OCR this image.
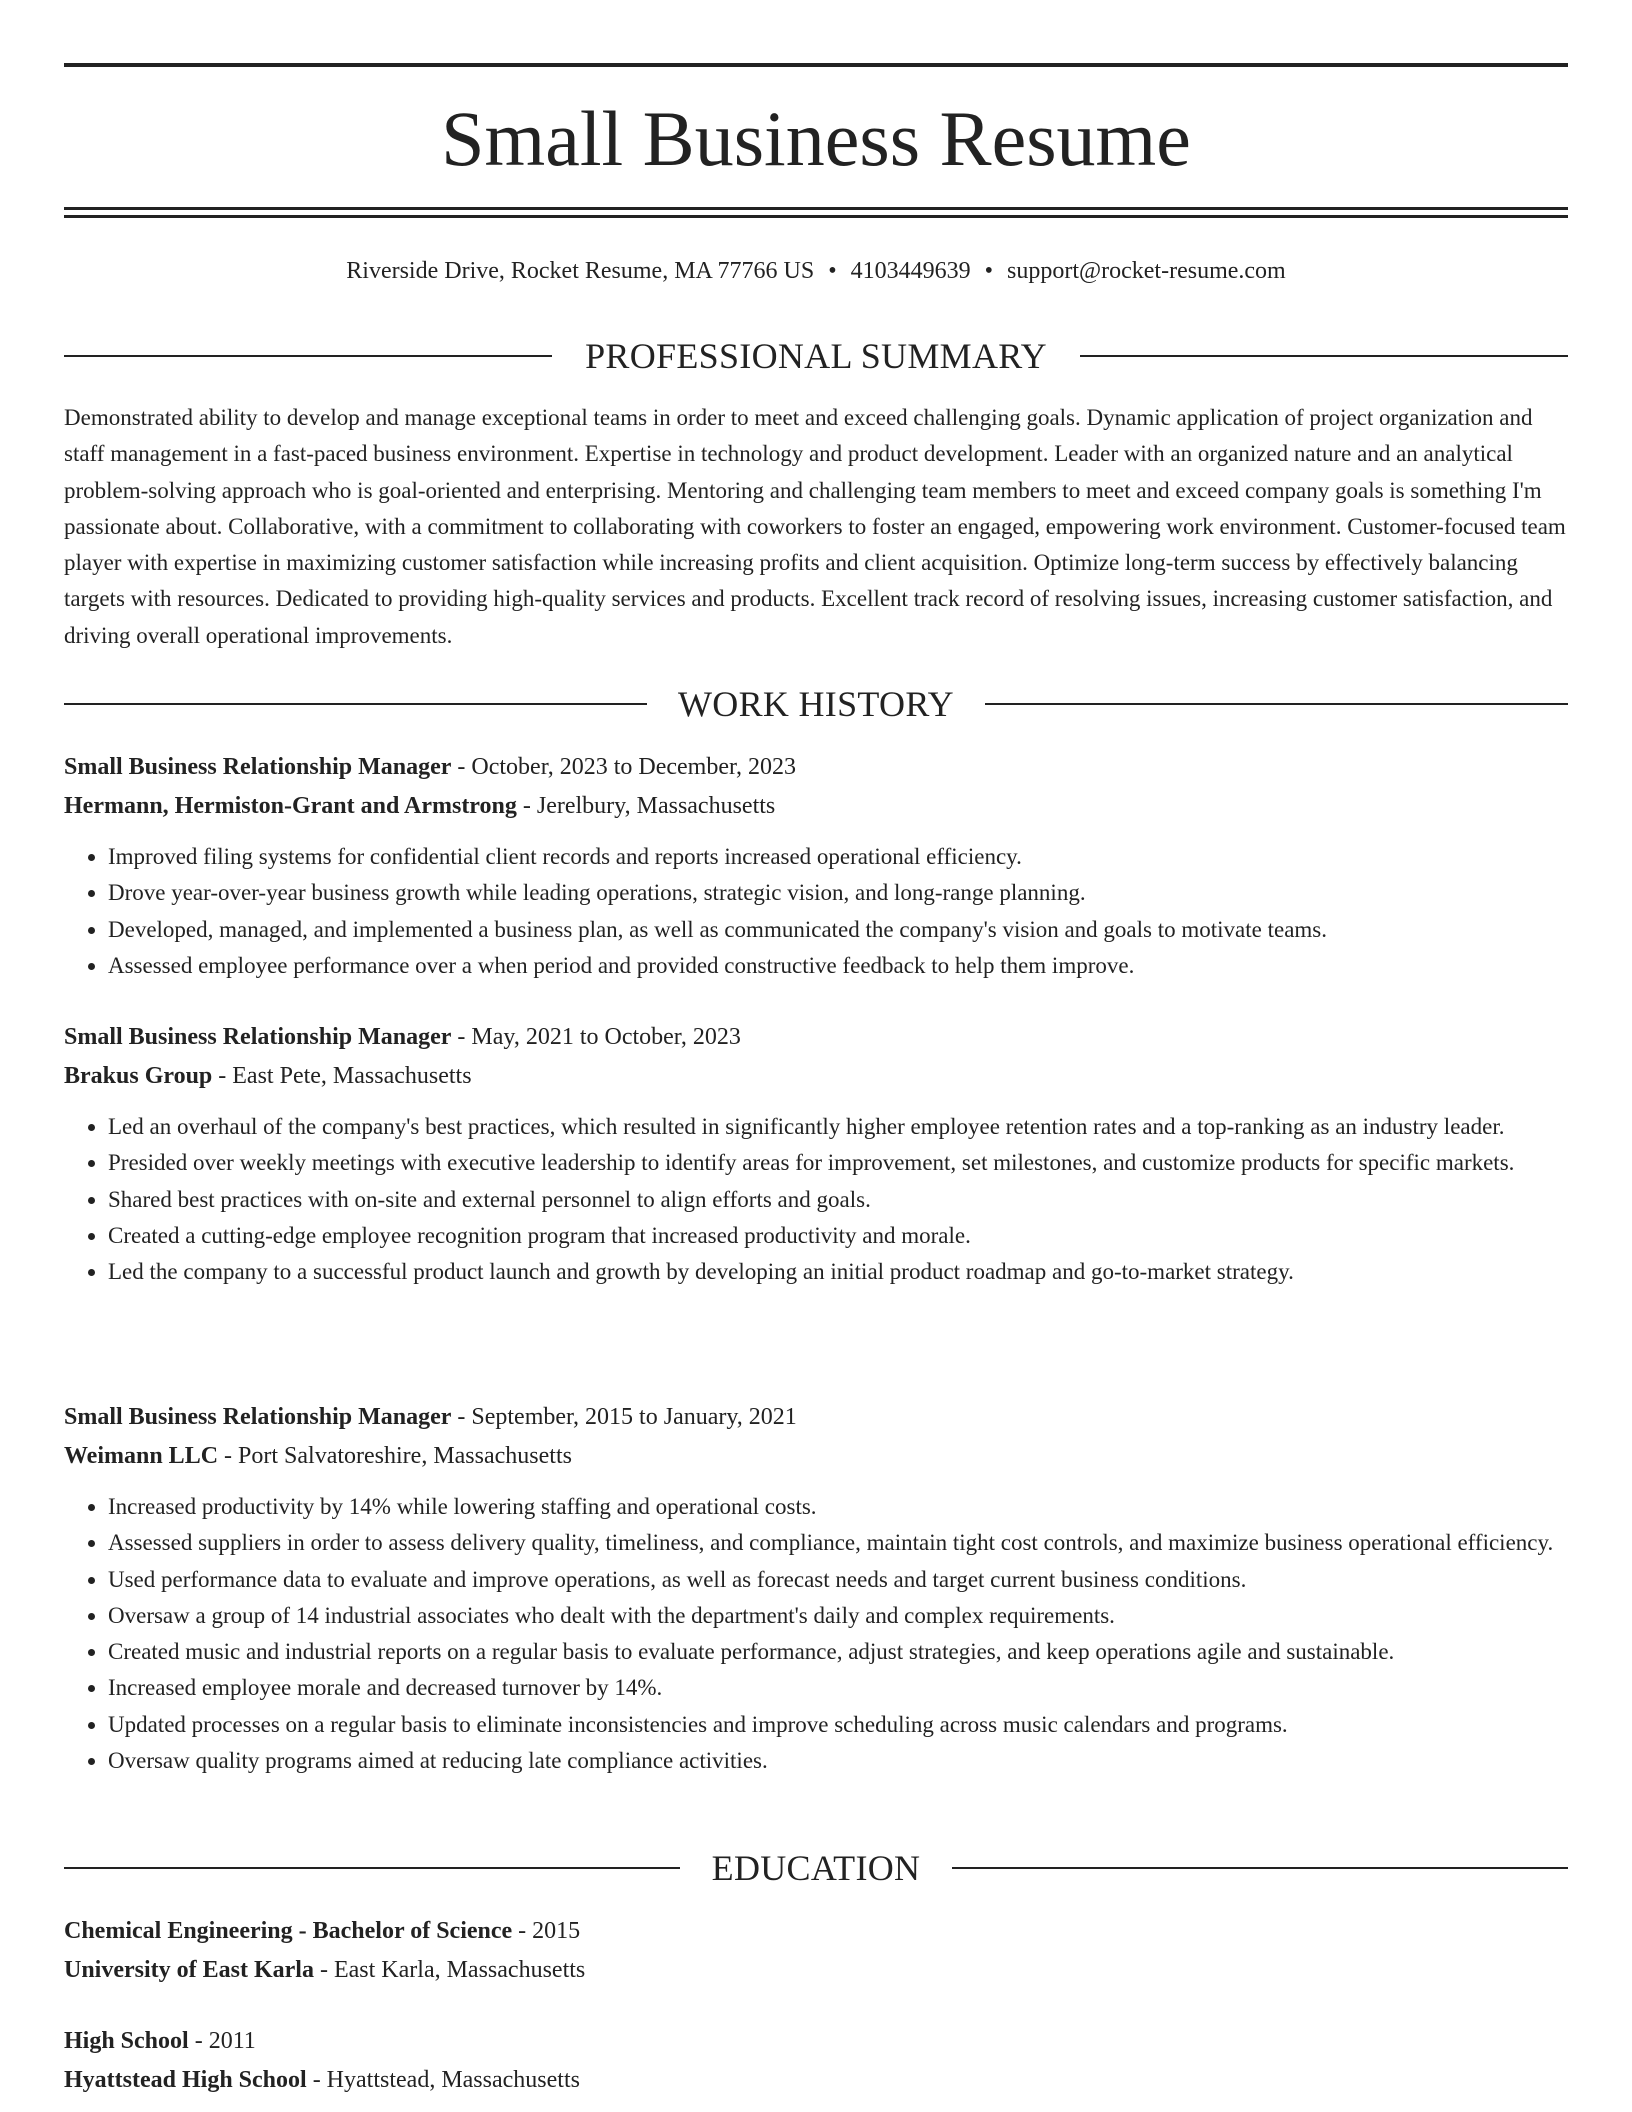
Small Business Resume
Riverside Drive, Rocket Resume, MA 77766 US • 4103449639 • support@rocket-resume.com
PROFESSIONAL SUMMARY

Demonstrated ability to develop and manage exceptional teams in order to meet and exceed challenging goals. Dynamic application of project organization and staff management in a fast-paced business environment. Expertise in technology and product development. Leader with an organized nature and an analytical problem-solving approach who is goal-oriented and enterprising. Mentoring and challenging team members to meet and exceed company goals is something I'm passionate about. Collaborative, with a commitment to collaborating with coworkers to foster an engaged, empowering work environment. Customer-focused team player with expertise in maximizing customer satisfaction while increasing profits and client acquisition. Optimize long-term success by effectively balancing targets with resources. Dedicated to providing high-quality services and products. Excellent track record of resolving issues, increasing customer satisfaction, and driving overall operational improvements.

WORK HISTORY
Small Business Relationship Manager - October, 2023 to December, 2023
Hermann, Hermiston-Grant and Armstrong - Jerelbury, Massachusetts
• Improved filing systems for confidential client records and reports increased operational efficiency.
• Drove year-over-year business growth while leading operations, strategic vision, and long-range planning.
• Developed, managed, and implemented a business plan, as well as communicated the company's vision and goals to motivate teams.
• Assessed employee performance over a when period and provided constructive feedback to help them improve.
Small Business Relationship Manager - May, 2021 to October, 2023
Brakus Group - East Pete, Massachusetts
• Led an overhaul of the company's best practices, which resulted in significantly higher employee retention rates and a top-ranking as an industry leader.
• Presided over weekly meetings with executive leadership to identify areas for improvement, set milestones, and customize products for specific markets.
• Shared best practices with on-site and external personnel to align efforts and goals.
• Created a cutting-edge employee recognition program that increased productivity and morale.
• Led the company to a successful product launch and growth by developing an initial product roadmap and go-to-market strategy.
Small Business Relationship Manager - September, 2015 to January, 2021
Weimann LLC - Port Salvatoreshire, Massachusetts
• Increased productivity by 14% while lowering staffing and operational costs.
• Assessed suppliers in order to assess delivery quality, timeliness, and compliance, maintain tight cost controls, and maximize business operational efficiency.
• Used performance data to evaluate and improve operations, as well as forecast needs and target current business conditions.
• Oversaw a group of 14 industrial associates who dealt with the department's daily and complex requirements.
• Created music and industrial reports on a regular basis to evaluate performance, adjust strategies, and keep operations agile and sustainable.
• Increased employee morale and decreased turnover by 14%.
• Updated processes on a regular basis to eliminate inconsistencies and improve scheduling across music calendars and programs.
• Oversaw quality programs aimed at reducing late compliance activities.
EDUCATION
Chemical Engineering - Bachelor of Science - 2015
University of East Karla - East Karla, Massachusetts
High School - 2011
Hyattstead High School - Hyattstead, Massachusetts
